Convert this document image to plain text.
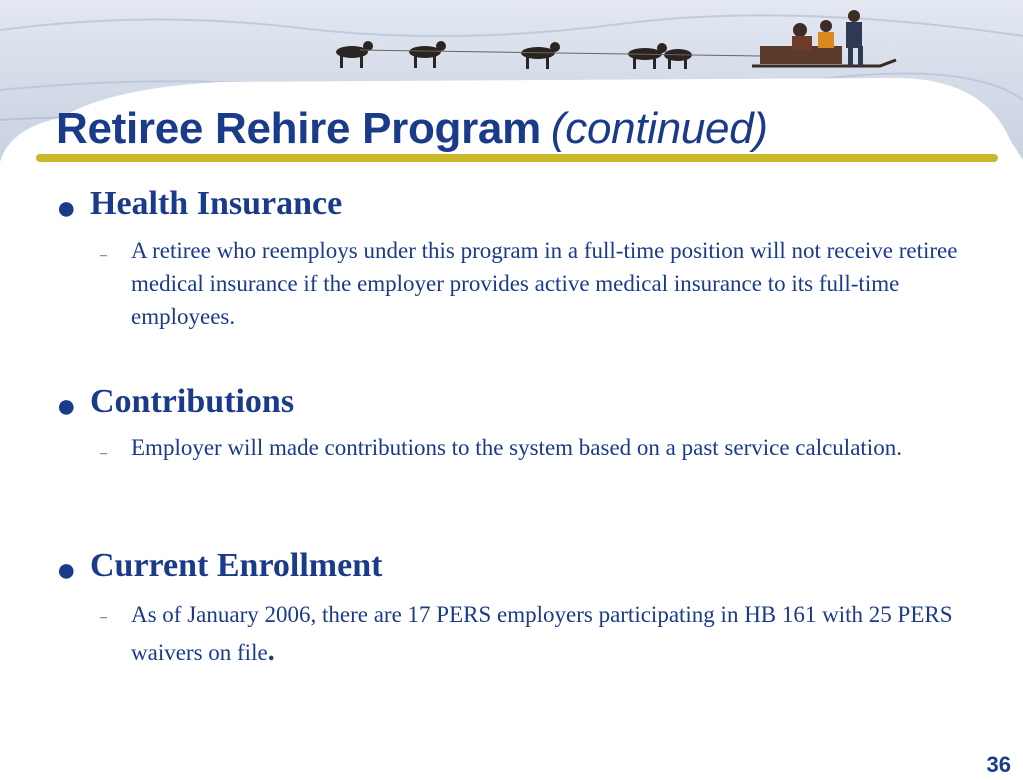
Retiree Rehire Program (continued)
● Health Insurance
– A retiree who reemploys under this program in a full-time position will not receive retiree medical insurance if the employer provides active medical insurance to its full-time employees.
● Contributions
– Employer will made contributions to the system based on a past service calculation.
● Current Enrollment
– As of January 2006, there are 17 PERS employers participating in HB 161 with 25 PERS waivers on file.
36
